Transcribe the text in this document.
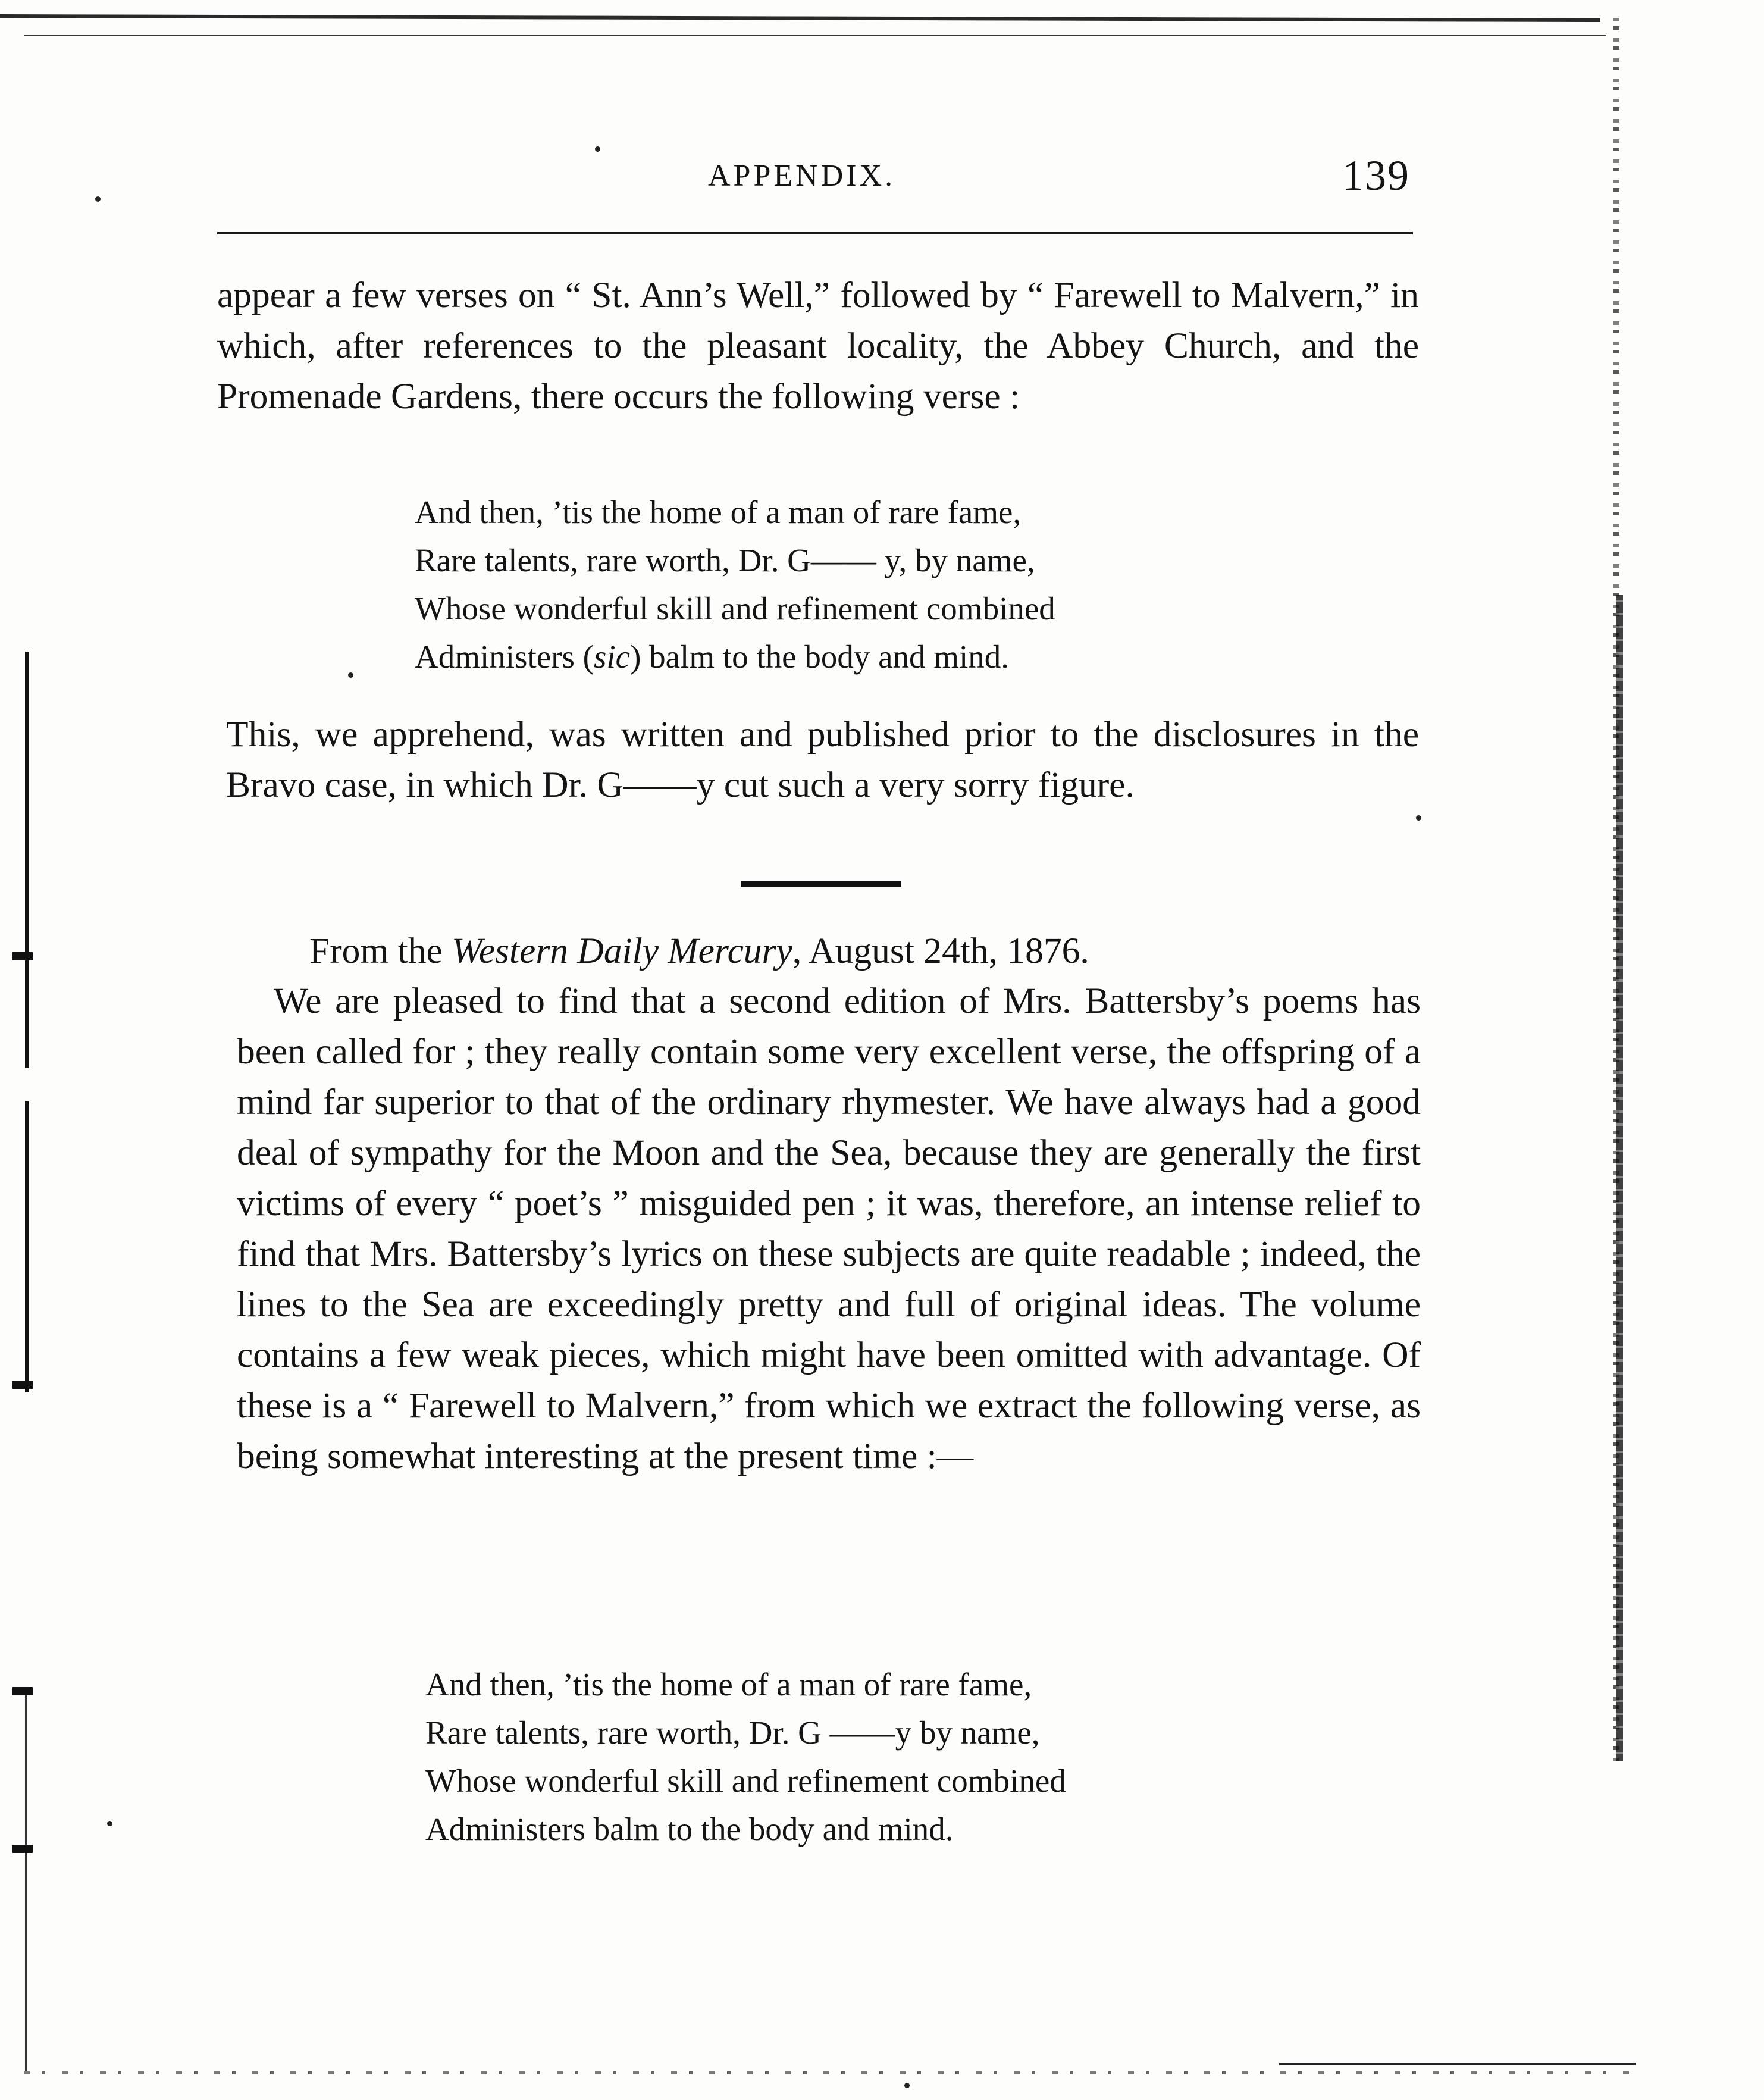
APPENDIX.	139

appear a few verses on “ St. Ann’s Well,” followed by “ Farewell to Malvern,” in which, after references to the pleasant locality, the Abbey Church, and the Promenade Gardens, there occurs the following verse :

And then, ’tis the home of a man of rare fame,
Rare talents, rare worth, Dr. G—— y, by name,
Whose wonderful skill and refinement combined
Administers (sic) balm to the body and mind.

This, we apprehend, was written and published prior to the disclosures in the Bravo case, in which Dr. G——y cut such a very sorry figure.

From the Western Daily Mercury, August 24th, 1876.

We are pleased to find that a second edition of Mrs. Battersby’s poems has been called for ; they really contain some very excellent verse, the offspring of a mind far superior to that of the ordinary rhymester. We have always had a good deal of sympathy for the Moon and the Sea, because they are generally the first victims of every “ poet’s ” misguided pen ; it was, therefore, an intense relief to find that Mrs. Battersby’s lyrics on these subjects are quite readable ; indeed, the lines to the Sea are exceedingly pretty and full of original ideas. The volume contains a few weak pieces, which might have been omitted with advantage. Of these is a “ Farewell to Malvern,” from which we extract the following verse, as being somewhat interesting at the present time :—

And then, ’tis the home of a man of rare fame,
Rare talents, rare worth, Dr. G ——y by name,
Whose wonderful skill and refinement combined
Administers balm to the body and mind.
